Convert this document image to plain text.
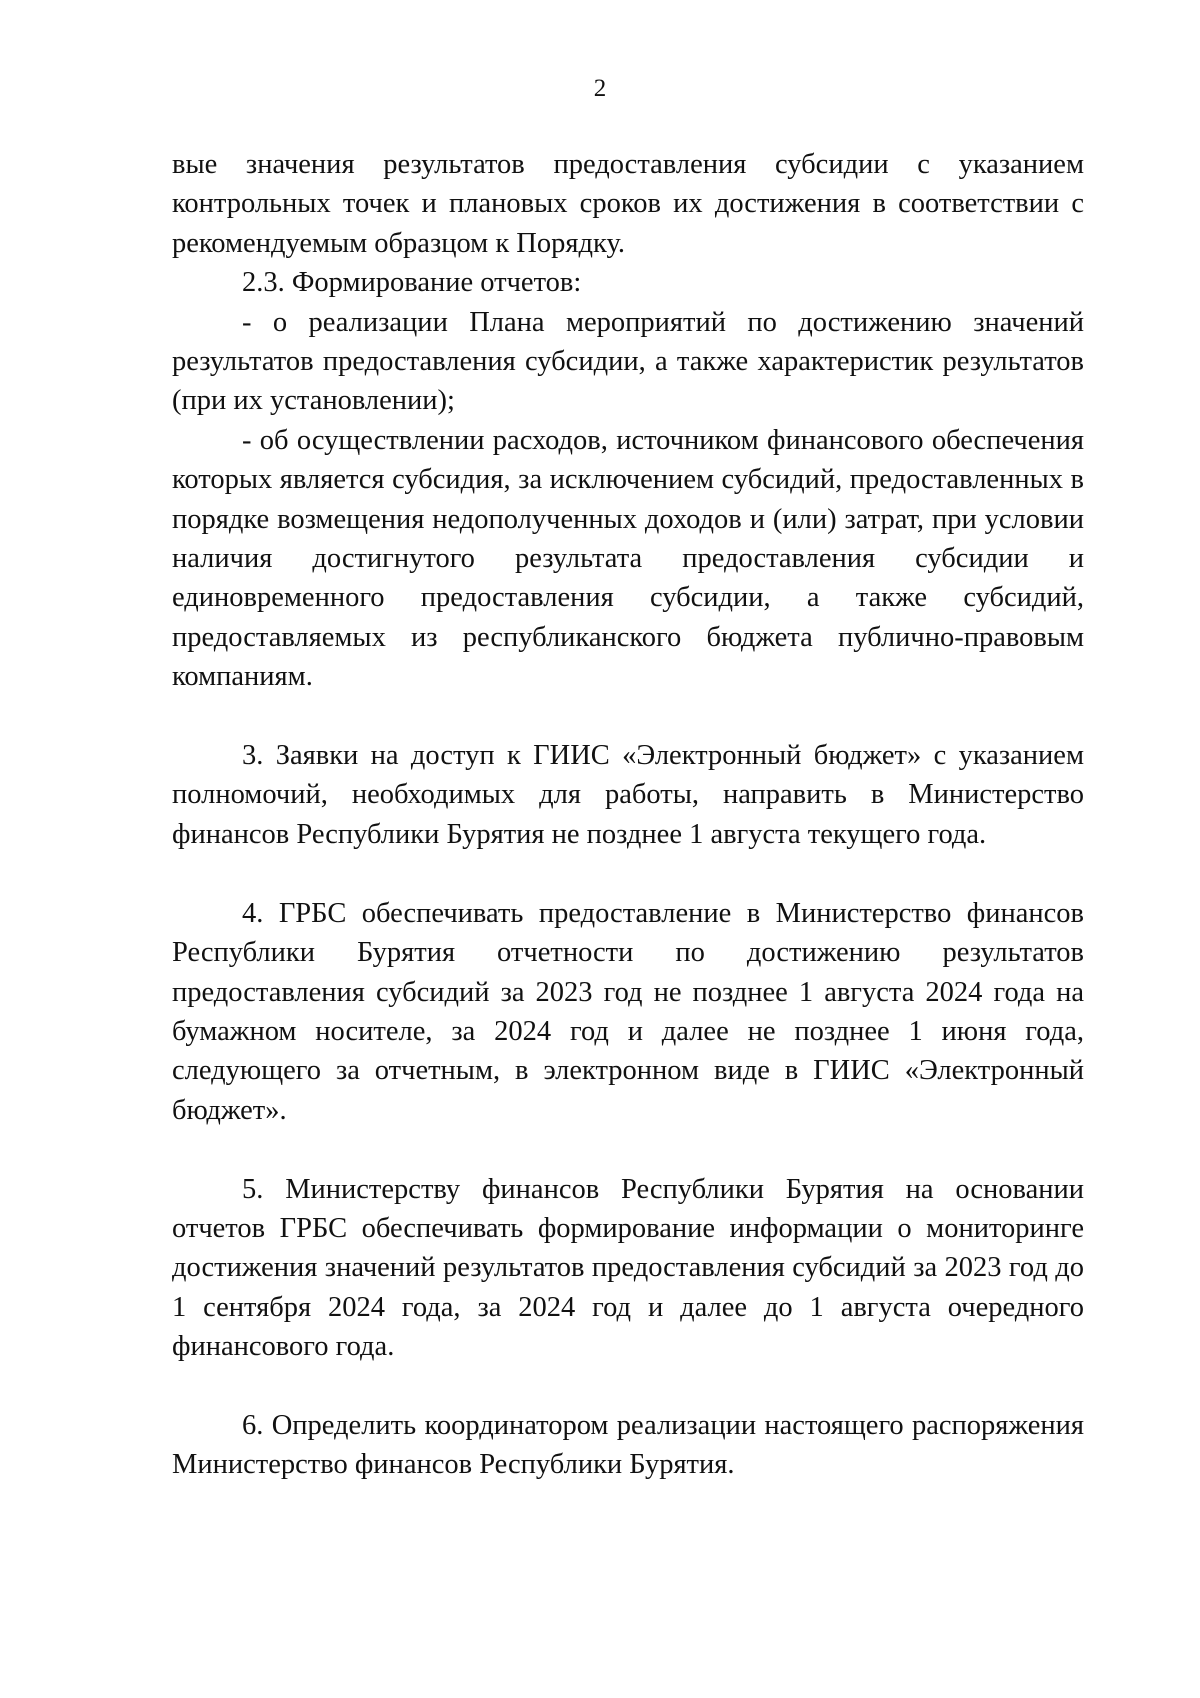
2

вые значения результатов предоставления субсидии с указанием контрольных точек и плановых сроков их достижения в соответствии с рекомендуемым образцом к Порядку.

2.3. Формирование отчетов:

- о реализации Плана мероприятий по достижению значений результатов предоставления субсидии, а также характеристик результатов (при их установлении);

- об осуществлении расходов, источником финансового обеспечения которых является субсидия, за исключением субсидий, предоставленных в порядке возмещения недополученных доходов и (или) затрат, при условии наличия достигнутого результата предоставления субсидии и единовременного предоставления субсидии, а также субсидий, предоставляемых из республиканского бюджета публично-правовым компаниям.

3. Заявки на доступ к ГИИС «Электронный бюджет» с указанием полномочий, необходимых для работы, направить в Министерство финансов Республики Бурятия не позднее 1 августа текущего года.

4. ГРБС обеспечивать предоставление в Министерство финансов Республики Бурятия отчетности по достижению результатов предоставления субсидий за 2023 год не позднее 1 августа 2024 года на бумажном носителе, за 2024 год и далее не позднее 1 июня года, следующего за отчетным, в электронном виде в ГИИС «Электронный бюджет».

5. Министерству финансов Республики Бурятия на основании отчетов ГРБС обеспечивать формирование информации о мониторинге достижения значений результатов предоставления субсидий за 2023 год до 1 сентября 2024 года, за 2024 год и далее до 1 августа очередного финансового года.

6. Определить координатором реализации настоящего распоряжения Министерство финансов Республики Бурятия.
